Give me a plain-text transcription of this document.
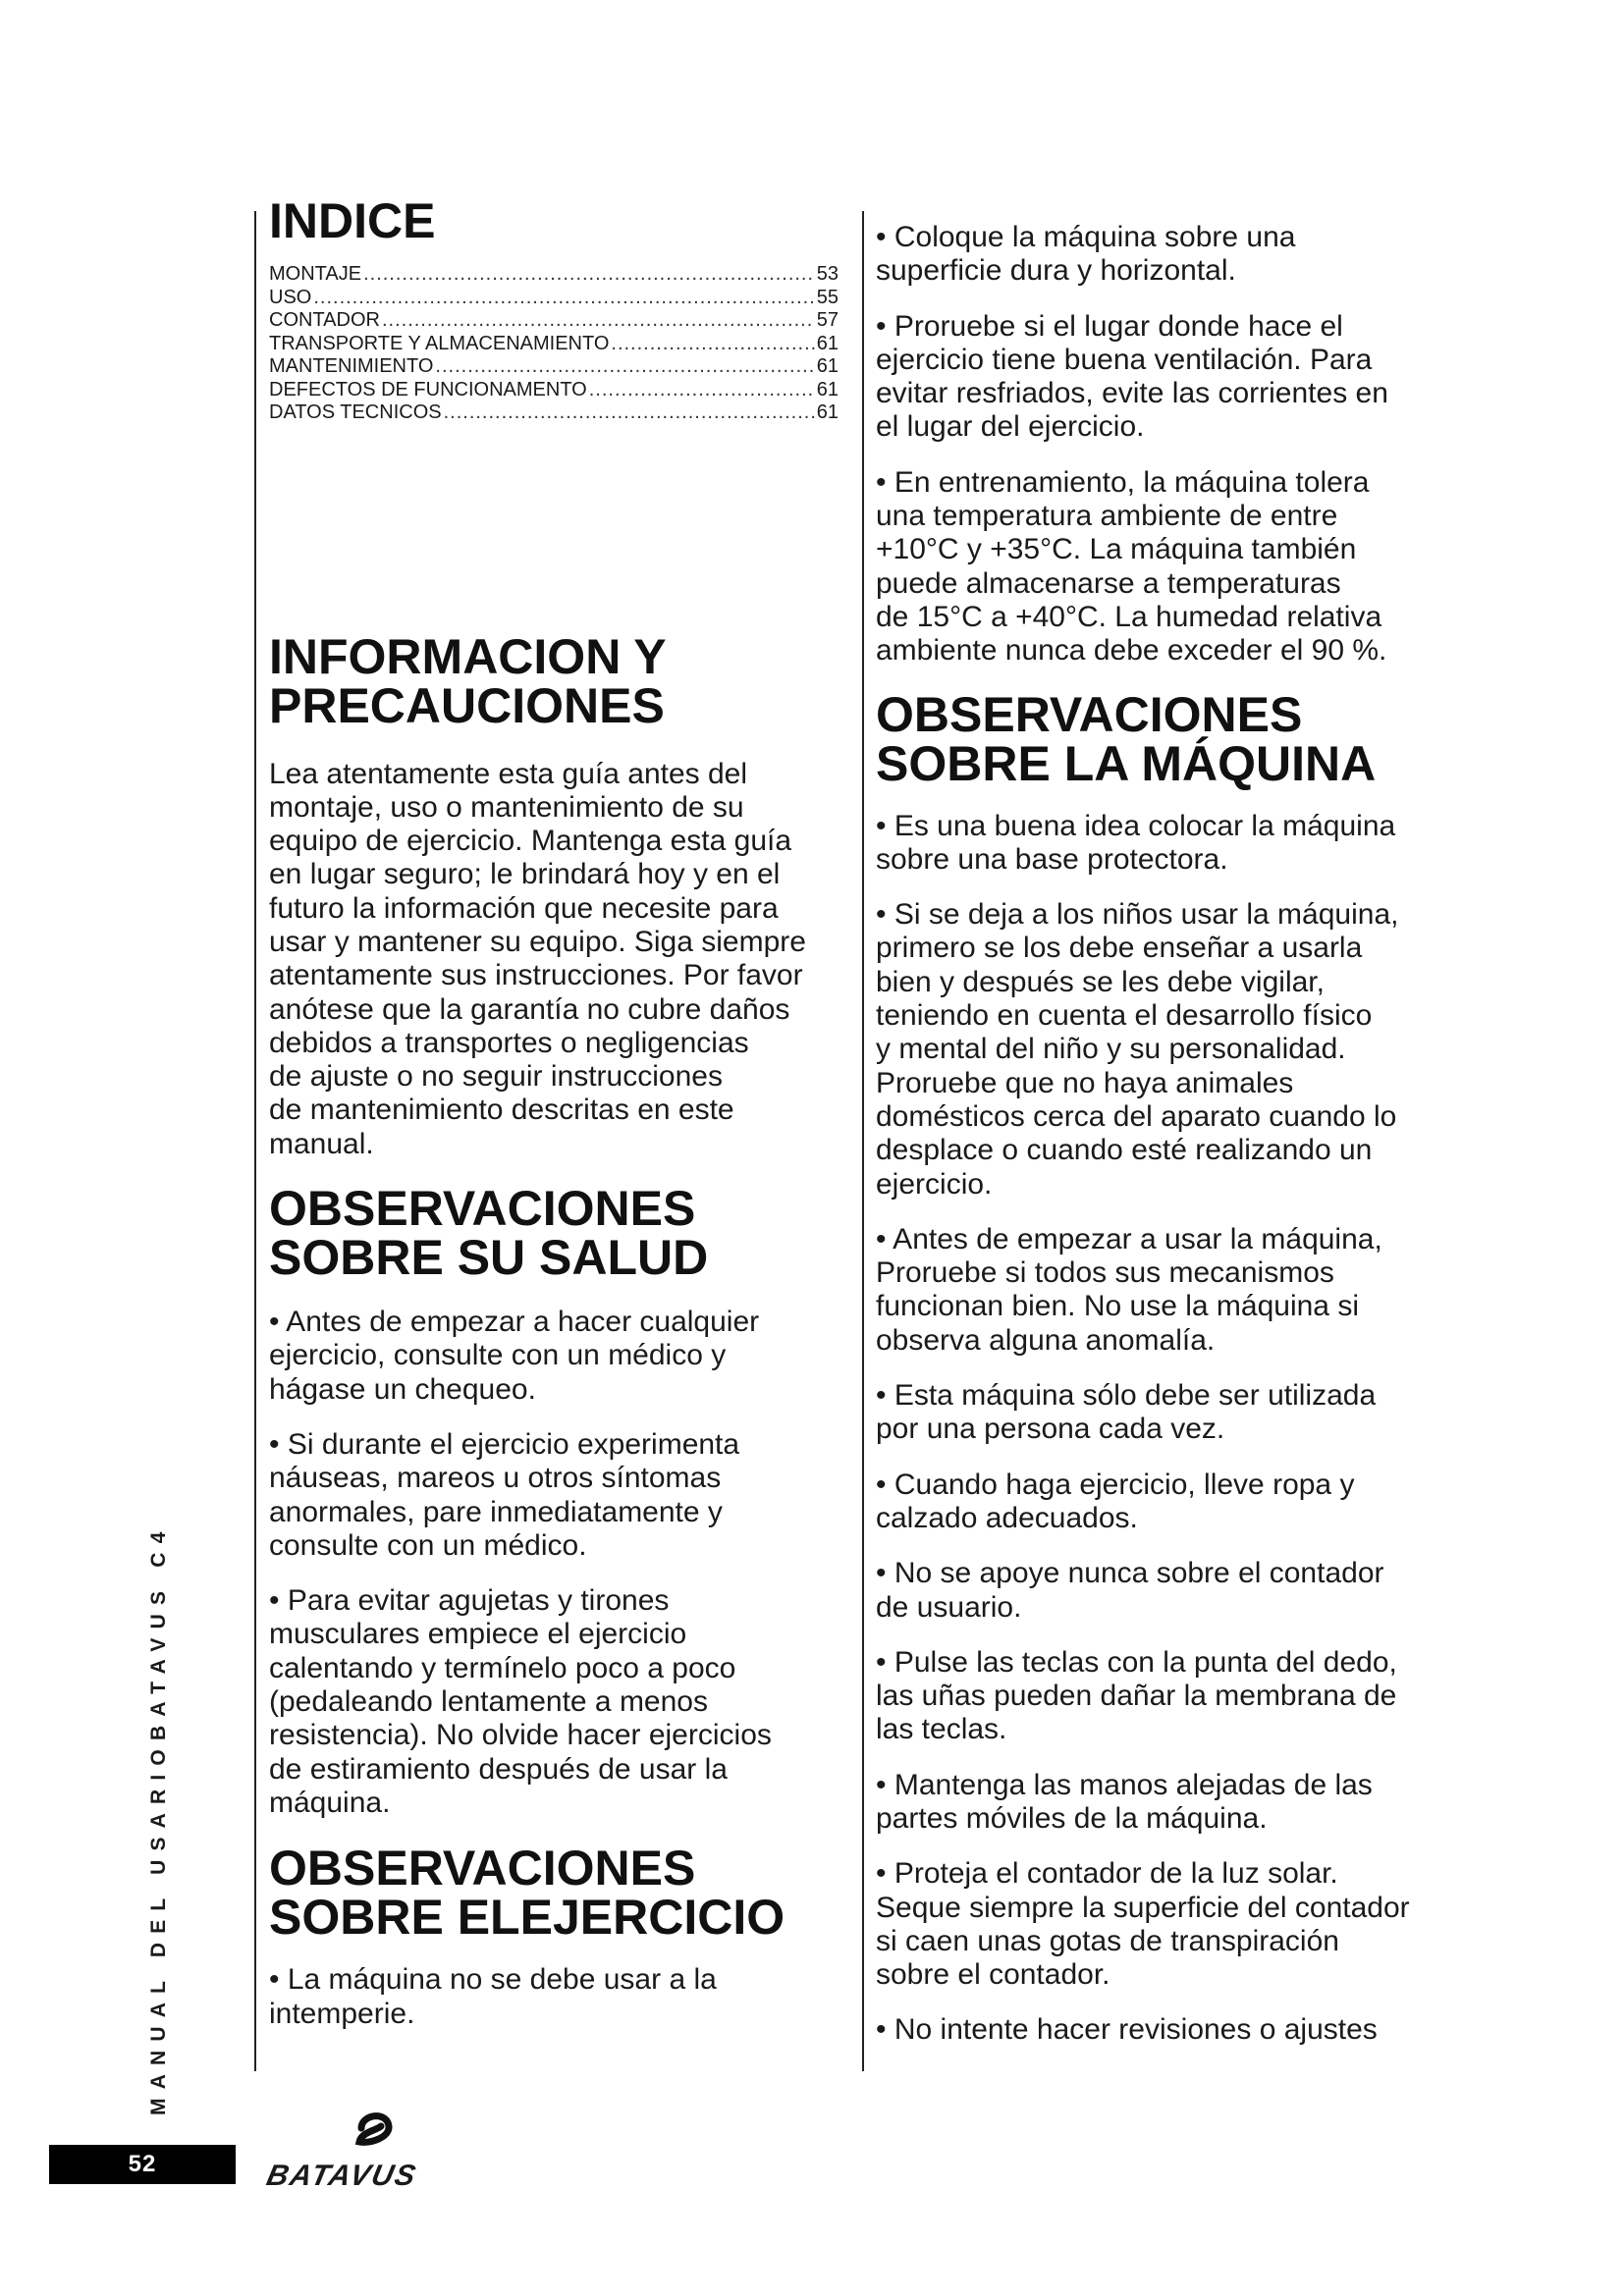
INDICE
MONTAJE .....	53
USO .....	55
CONTADOR .....	57
TRANSPORTE Y ALMACENAMIENTO .....	61
MANTENIMIENTO .....	61
DEFECTOS DE FUNCIONAMENTO .....	61
DATOS TECNICOS .....	61
INFORMACION Y
PRECAUCIONES

Lea atentamente esta guía antes del

montaje, uso o mantenimiento de su

equipo de ejercicio. Mantenga esta guía

en lugar seguro; le brindará hoy y en el

futuro la información que necesite para

usar y mantener su equipo. Siga siempre

atentamente sus instrucciones. Por favor

anótese que la garantía no cubre daños

debidos a transportes o negligencias

de ajuste o no seguir instrucciones

de mantenimiento descritas en este

manual.

OBSERVACIONES
SOBRE SU SALUD
• Antes de empezar a hacer cualquier
ejercicio, consulte con un médico y
hágase un chequeo.
• Si durante el ejercicio experimenta
náuseas, mareos u otros síntomas
anormales, pare inmediatamente y
consulte con un médico.
• Para evitar agujetas y tirones
musculares empiece el ejercicio
calentando y termínelo poco a poco
(pedaleando lentamente a menos
resistencia). No olvide hacer ejercicios
de estiramiento después de usar la
máquina.
OBSERVACIONES
SOBRE ELEJERCICIO
• La máquina no se debe usar a la
intemperie.
• Coloque la máquina sobre una
superficie dura y horizontal.
• Proruebe si el lugar donde hace el
ejercicio tiene buena ventilación. Para
evitar resfriados, evite las corrientes en
el lugar del ejercicio.
• En entrenamiento, la máquina tolera
una temperatura ambiente de entre
+10°C y +35°C. La máquina también
puede almacenarse a temperaturas
de 15°C a +40°C. La humedad relativa
ambiente nunca debe exceder el 90 %.
OBSERVACIONES
SOBRE LA MÁQUINA
• Es una buena idea colocar la máquina
sobre una base protectora.
• Si se deja a los niños usar la máquina,
primero se los debe enseñar a usarla
bien y después se les debe vigilar,
teniendo en cuenta el desarrollo físico
y mental del niño y su personalidad.
Proruebe que no haya animales
domésticos cerca del aparato cuando lo
desplace o cuando esté realizando un
ejercicio.
• Antes de empezar a usar la máquina,
Proruebe si todos sus mecanismos
funcionan bien. No use la máquina si
observa alguna anomalía.
• Esta máquina sólo debe ser utilizada
por una persona cada vez.
• Cuando haga ejercicio, lleve ropa y
calzado adecuados.
• No se apoye nunca sobre el contador
de usuario.
• Pulse las teclas con la punta del dedo,
las uñas pueden dañar la membrana de
las teclas.
• Mantenga las manos alejadas de las
partes móviles de la máquina.
• Proteja el contador de la luz solar.
Seque siempre la superficie del contador
si caen unas gotas de transpiración
sobre el contador.
• No intente hacer revisiones o ajustes
MANUAL DEL USARIOBATAVUS C4
52	BATAVUS
